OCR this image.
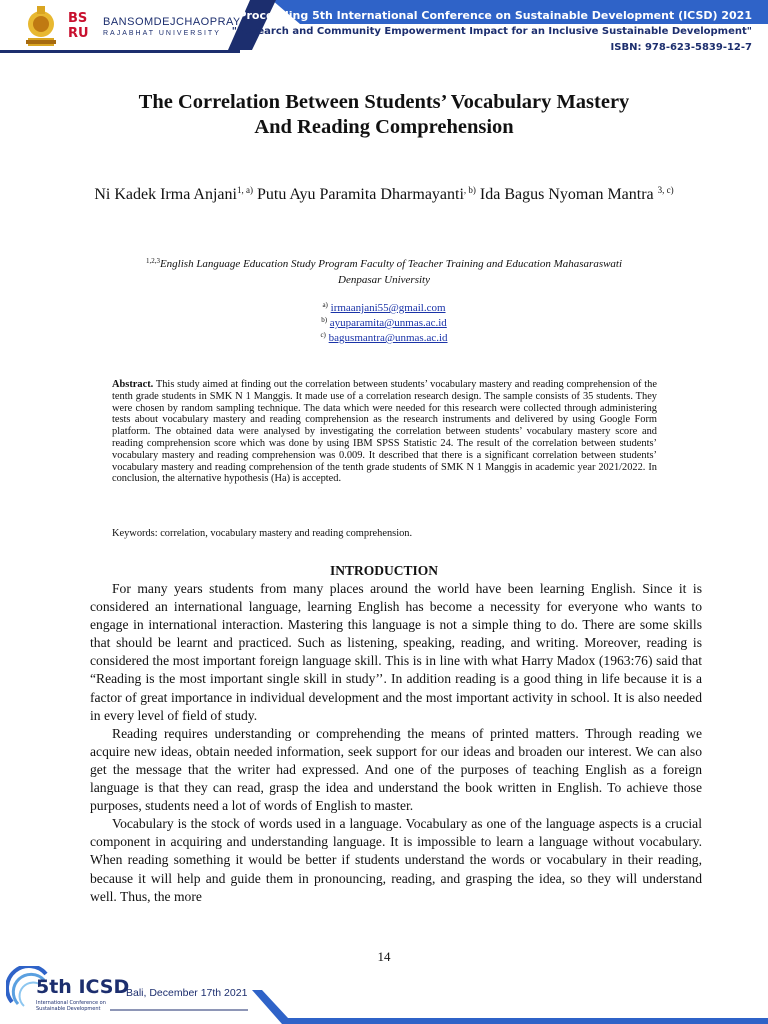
BS
RU
BANSOMDEJCHAOPRAYA
RAJABHAT UNIVERSITY
Proceeding 5th International Conference on Sustainable Development (ICSD) 2021
"Research and Community Empowerment Impact for an Inclusive Sustainable Development"
ISBN: 978-623-5839-12-7
The Correlation Between Students’ Vocabulary Mastery
And Reading Comprehension
Ni Kadek Irma Anjani$^{1, a)}$ Putu Ayu Paramita Dharmayanti$^{, b)}$ Ida Bagus Nyoman Mantra $^{3, c)}$
$^{1,2,3}$English Language Education Study Program Faculty of Teacher Training and Education Mahasaraswati
Denpasar University
$^{a)}$ irmaanjani55@gmail.com
$^{b)}$ ayuparamita@unmas.ac.id
$^{c)}$ bagusmantra@unmas.ac.id
Abstract. This study aimed at finding out the correlation between students’ vocabulary mastery and reading comprehension of the tenth grade students in SMK N 1 Manggis. It made use of a correlation research design. The sample consists of 35 students. They were chosen by random sampling technique. The data which were needed for this research were collected through administering tests about vocabulary mastery and reading comprehension as the research instruments and delivered by using Google Form platform. The obtained data were analysed by investigating the correlation between students’ vocabulary mastery score and reading comprehension score which was done by using IBM SPSS Statistic 24. The result of the correlation between students’ vocabulary mastery and reading comprehension was 0.009. It described that there is a significant correlation between students’ vocabulary mastery and reading comprehension of the tenth grade students of SMK N 1 Manggis in academic year 2021/2022. In conclusion, the alternative hypothesis (Ha) is accepted.
Keywords: correlation, vocabulary mastery and reading comprehension.
INTRODUCTION

For many years students from many places around the world have been learning English. Since it is considered an international language, learning English has become a necessity for everyone who wants to engage in international interaction. Mastering this language is not a simple thing to do. There are some skills that should be learnt and practiced. Such as listening, speaking, reading, and writing. Moreover, reading is considered the most important foreign language skill. This is in line with what Harry Madox (1963:76) said that “Reading is the most important single skill in study’’. In addition reading is a good thing in life because it is a factor of great importance in individual development and the most important activity in school. It is also needed in every level of field of study.

Reading requires understanding or comprehending the means of printed matters. Through reading we acquire new ideas, obtain needed information, seek support for our ideas and broaden our interest. We can also get the message that the writer had expressed. And one of the purposes of teaching English as a foreign language is that they can read, grasp the idea and understand the book written in English. To achieve those purposes, students need a lot of words of English to master.

Vocabulary is the stock of words used in a language. Vocabulary as one of the language aspects is a crucial component in acquiring and understanding language. It is impossible to learn a language without vocabulary. When reading something it would be better if students understand the words or vocabulary in their reading, because it will help and guide them in pronouncing, reading, and grasping the idea, so they will understand well. Thus, the more

14
5th ICSD
International Conference on Sustainable Development
Bali, December 17th 2021
